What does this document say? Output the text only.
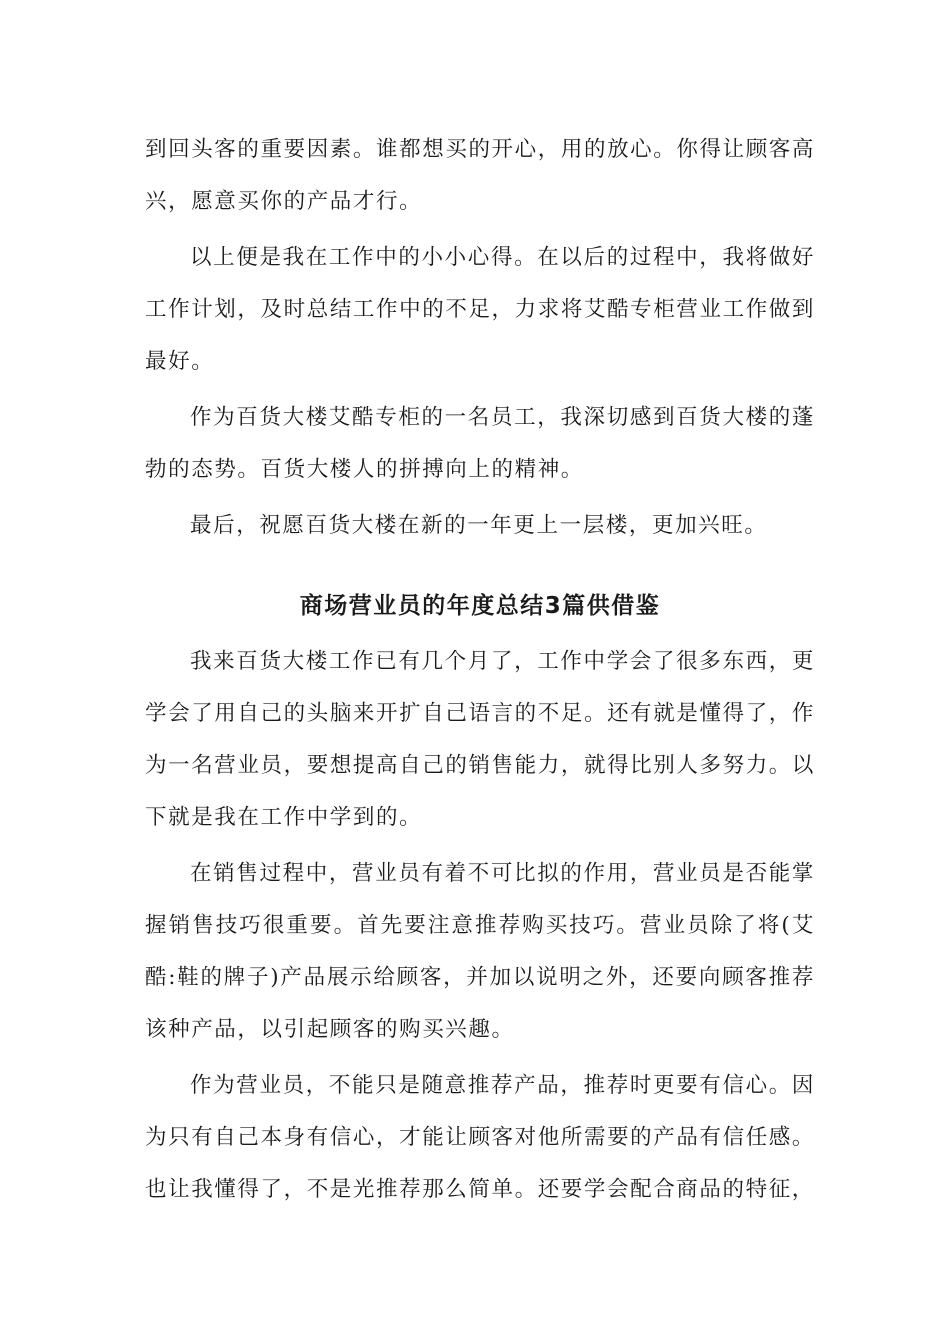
到回头客的重要因素。谁都想买的开心，用的放心。你得让顾客高兴，愿意买你的产品才行。

以上便是我在工作中的小小心得。在以后的过程中，我将做好工作计划，及时总结工作中的不足，力求将艾酷专柜营业工作做到最好。

作为百货大楼艾酷专柜的一名员工，我深切感到百货大楼的蓬勃的态势。百货大楼人的拼搏向上的精神。

最后，祝愿百货大楼在新的一年更上一层楼，更加兴旺。

商场营业员的年度总结3篇供借鉴

我来百货大楼工作已有几个月了，工作中学会了很多东西，更学会了用自己的头脑来开扩自己语言的不足。还有就是懂得了，作为一名营业员，要想提高自己的销售能力，就得比别人多努力。以下就是我在工作中学到的。

在销售过程中，营业员有着不可比拟的作用，营业员是否能掌握销售技巧很重要。首先要注意推荐购买技巧。营业员除了将(艾酷:鞋的牌子)产品展示给顾客，并加以说明之外，还要向顾客推荐该种产品，以引起顾客的购买兴趣。

作为营业员，不能只是随意推荐产品，推荐时更要有信心。因为只有自己本身有信心，才能让顾客对他所需要的产品有信任感。也让我懂得了，不是光推荐那么简单。还要学会配合商品的特征，
